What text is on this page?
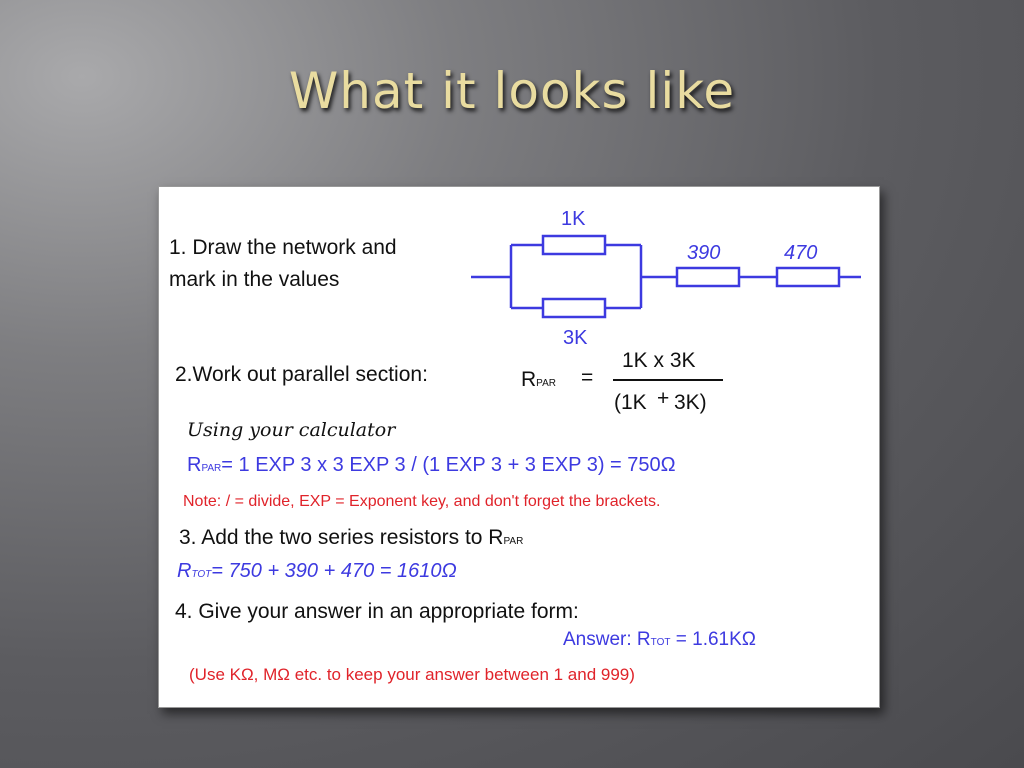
What it looks like
1K
3K
390	470
1. Draw the network and
mark in the values
2.Work out parallel section:	RPAR =
1K x 3K
(1K + 3K)
Using your calculator
RPAR= 1 EXP 3 x 3 EXP 3 / (1 EXP 3 + 3 EXP 3) = 750Ω
Note: / = divide, EXP = Exponent key, and don't forget the brackets.
3. Add the two series resistors to RPAR
RTOT= 750 + 390 + 470 = 1610Ω
4. Give your answer in an appropriate form:
Answer: RTOT = 1.61KΩ
(Use KΩ, MΩ etc. to keep your answer between 1 and 999)
